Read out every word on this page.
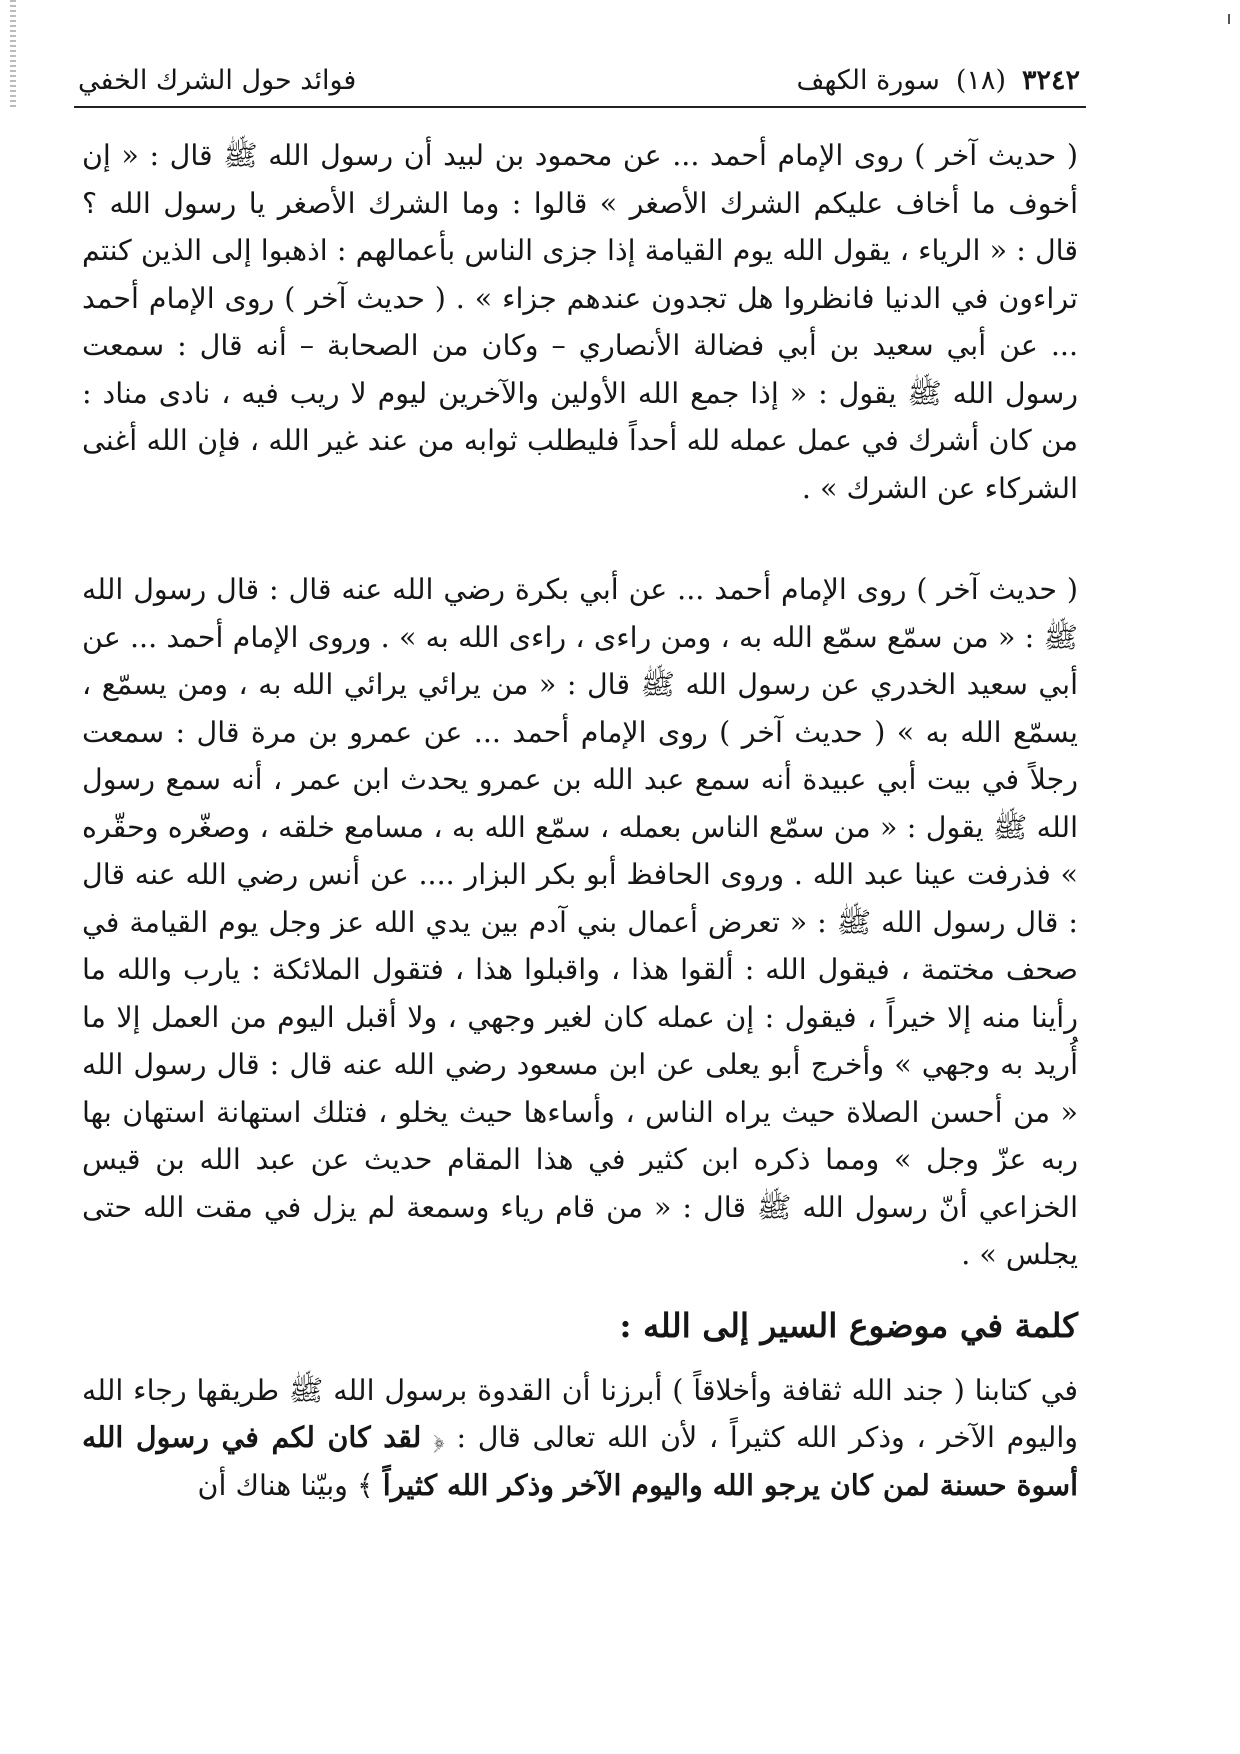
٣٢٤٢
(١٨)
سورة الكهف
فوائد حول الشرك الخفي

( حديث آخر ) روى الإمام أحمد ... عن محمود بن لبيد أن رسول الله ﷺ قال : « إن أخوف ما أخاف عليكم الشرك الأصغر » قالوا : وما الشرك الأصغر يا رسول الله ؟ قال : « الرياء ، يقول الله يوم القيامة إذا جزى الناس بأعمالهم : اذهبوا إلى الذين كنتم تراءون في الدنيا فانظروا هل تجدون عندهم جزاء » . ( حديث آخر ) روى الإمام أحمد ... عن أبي سعيد بن أبي فضالة الأنصاري – وكان من الصحابة – أنه قال : سمعت رسول الله ﷺ يقول : « إذا جمع الله الأولين والآخرين ليوم لا ريب فيه ، نادى مناد : من كان أشرك في عمل عمله لله أحداً فليطلب ثوابه من عند غير الله ، فإن الله أغنى الشركاء عن الشرك » .

( حديث آخر ) روى الإمام أحمد ... عن أبي بكرة رضي الله عنه قال : قال رسول الله ﷺ : « من سمّع سمّع الله به ، ومن راءى ، راءى الله به » . وروى الإمام أحمد ... عن أبي سعيد الخدري عن رسول الله ﷺ قال : « من يرائي يرائي الله به ، ومن يسمّع ، يسمّع الله به » ( حديث آخر ) روى الإمام أحمد ... عن عمرو بن مرة قال : سمعت رجلاً في بيت أبي عبيدة أنه سمع عبد الله بن عمرو يحدث ابن عمر ، أنه سمع رسول الله ﷺ يقول : « من سمّع الناس بعمله ، سمّع الله به ، مسامع خلقه ، وصغّره وحقّره » فذرفت عينا عبد الله . وروى الحافظ أبو بكر البزار .... عن أنس رضي الله عنه قال : قال رسول الله ﷺ : « تعرض أعمال بني آدم بين يدي الله عز وجل يوم القيامة في صحف مختمة ، فيقول الله : ألقوا هذا ، واقبلوا هذا ، فتقول الملائكة : يارب والله ما رأينا منه إلا خيراً ، فيقول : إن عمله كان لغير وجهي ، ولا أقبل اليوم من العمل إلا ما أُريد به وجهي » وأخرج أبو يعلى عن ابن مسعود رضي الله عنه قال : قال رسول الله « من أحسن الصلاة حيث يراه الناس ، وأساءها حيث يخلو ، فتلك استهانة استهان بها ربه عزّ وجل » ومما ذكره ابن كثير في هذا المقام حديث عن عبد الله بن قيس الخزاعي أنّ رسول الله ﷺ قال : « من قام رياء وسمعة لم يزل في مقت الله حتى يجلس » .

كلمة في موضوع السير إلى الله :

في كتابنا ( جند الله ثقافة وأخلاقاً ) أبرزنا أن القدوة برسول الله ﷺ طريقها رجاء الله واليوم الآخر ، وذكر الله كثيراً ، لأن الله تعالى قال : ﴿ لقد كان لكم في رسول الله أسوة حسنة لمن كان يرجو الله واليوم الآخر وذكر الله كثيراً ﴾ وبيّنا هناك أن
